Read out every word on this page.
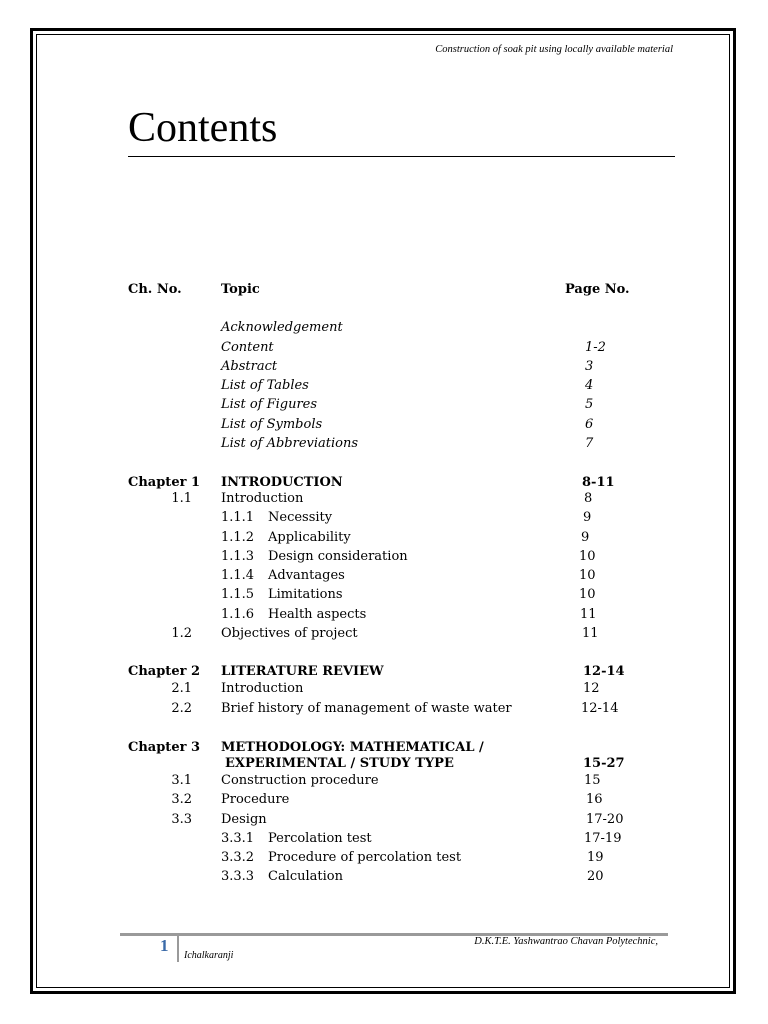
Construction of soak pit using locally available material
Contents
Ch. No.	Topic	Page No.
Acknowledgement
Content	1-2
Abstract	3
List of Tables	4
List of Figures	5
List of Symbols	6
List of Abbreviations	7
Chapter 1 INTRODUCTION	8-11
1.1 Introduction	8
1.1.1 Necessity	9
1.1.2 Applicability	9
1.1.3 Design consideration	10
1.1.4 Advantages	10
1.1.5 Limitations	10
1.1.6 Health aspects	11
1.2 Objectives of project	11
Chapter 2 LITERATURE REVIEW	12-14
2.1 Introduction	12
2.2 Brief history of management of waste water	12-14
Chapter 3 METHODOLOGY: MATHEMATICAL /
EXPERIMENTAL / STUDY TYPE	15-27
3.1 Construction procedure	15
3.2 Procedure	16
3.3 Design	17-20
3.3.1 Percolation test	17-19
3.3.2 Procedure of percolation test	19
3.3.3 Calculation	20
1	D.K.T.E. Yashwantrao Chavan Polytechnic,
Ichalkaranji
